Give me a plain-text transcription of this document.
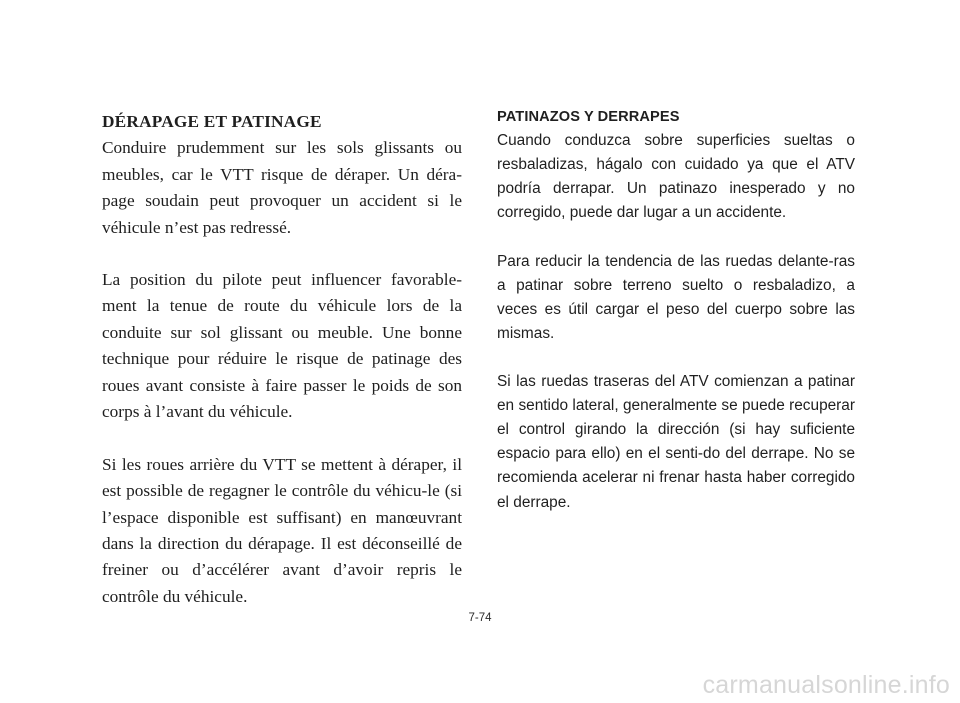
DÉRAPAGE ET PATINAGE

Conduire prudemment sur les sols glissants ou meubles, car le VTT risque de déraper. Un déra-page soudain peut provoquer un accident si le véhicule n’est pas redressé.

La position du pilote peut influencer favorable-ment la tenue de route du véhicule lors de la conduite sur sol glissant ou meuble. Une bonne technique pour réduire le risque de patinage des roues avant consiste à faire passer le poids de son corps à l’avant du véhicule.

Si les roues arrière du VTT se mettent à déraper, il est possible de regagner le contrôle du véhicu-le (si l’espace disponible est suffisant) en manœuvrant dans la direction du dérapage. Il est déconseillé de freiner ou d’accélérer avant d’avoir repris le contrôle du véhicule.

PATINAZOS Y DERRAPES

Cuando conduzca sobre superficies sueltas o resbaladizas, hágalo con cuidado ya que el ATV podría derrapar. Un patinazo inesperado y no corregido, puede dar lugar a un accidente.

Para reducir la tendencia de las ruedas delante-ras a patinar sobre terreno suelto o resbaladizo, a veces es útil cargar el peso del cuerpo sobre las mismas.

Si las ruedas traseras del ATV comienzan a patinar en sentido lateral, generalmente se puede recuperar el control girando la dirección (si hay suficiente espacio para ello) en el senti-do del derrape. No se recomienda acelerar ni frenar hasta haber corregido el derrape.

7-74
carmanualsonline.info
